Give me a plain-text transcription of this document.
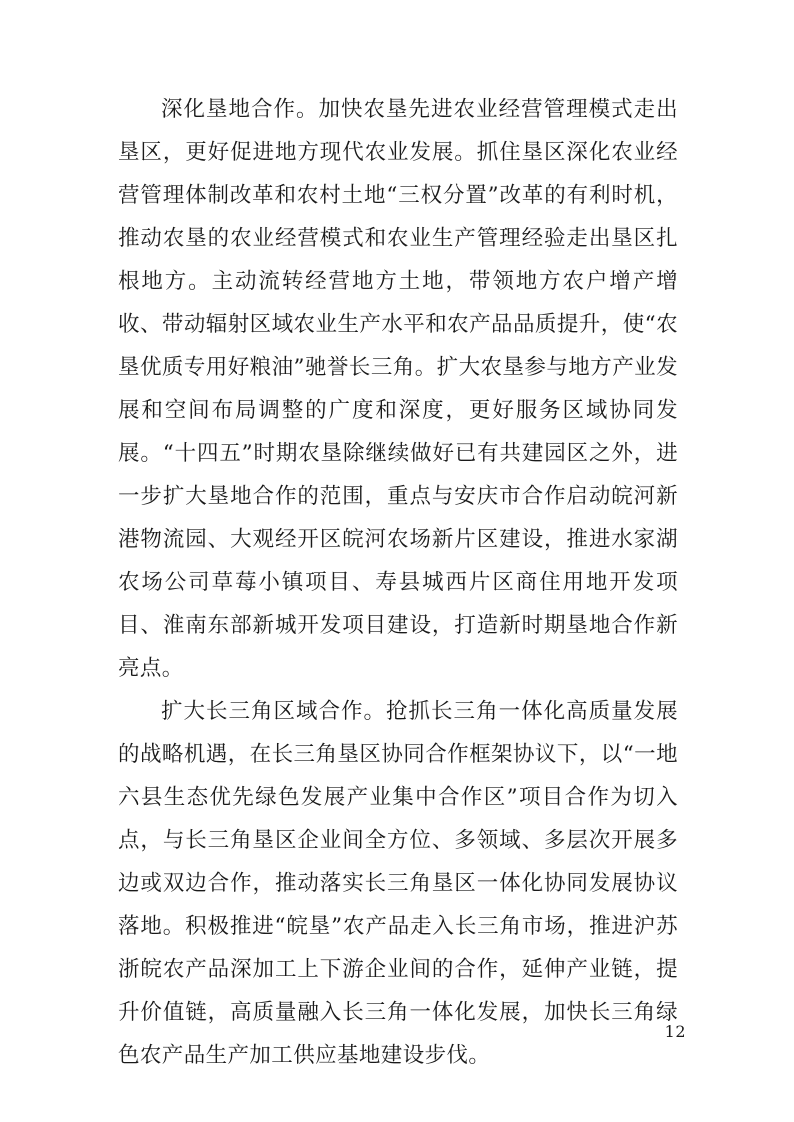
深化垦地合作。加快农垦先进农业经营管理模式走出垦区，更好促进地方现代农业发展。抓住垦区深化农业经营管理体制改革和农村土地“三权分置”改革的有利时机，推动农垦的农业经营模式和农业生产管理经验走出垦区扎根地方。主动流转经营地方土地，带领地方农户增产增收、带动辐射区域农业生产水平和农产品品质提升，使“农垦优质专用好粮油”驰誉长三角。扩大农垦参与地方产业发展和空间布局调整的广度和深度，更好服务区域协同发展。“十四五”时期农垦除继续做好已有共建园区之外，进一步扩大垦地合作的范围，重点与安庆市合作启动皖河新港物流园、大观经开区皖河农场新片区建设，推进水家湖农场公司草莓小镇项目、寿县城西片区商住用地开发项目、淮南东部新城开发项目建设，打造新时期垦地合作新亮点。

扩大长三角区域合作。抢抓长三角一体化高质量发展的战略机遇，在长三角垦区协同合作框架协议下，以“一地六县生态优先绿色发展产业集中合作区”项目合作为切入点，与长三角垦区企业间全方位、多领域、多层次开展多边或双边合作，推动落实长三角垦区一体化协同发展协议落地。积极推进“皖垦”农产品走入长三角市场，推进沪苏浙皖农产品深加工上下游企业间的合作，延伸产业链，提升价值链，高质量融入长三角一体化发展，加快长三角绿色农产品生产加工供应基地建设步伐。

12
